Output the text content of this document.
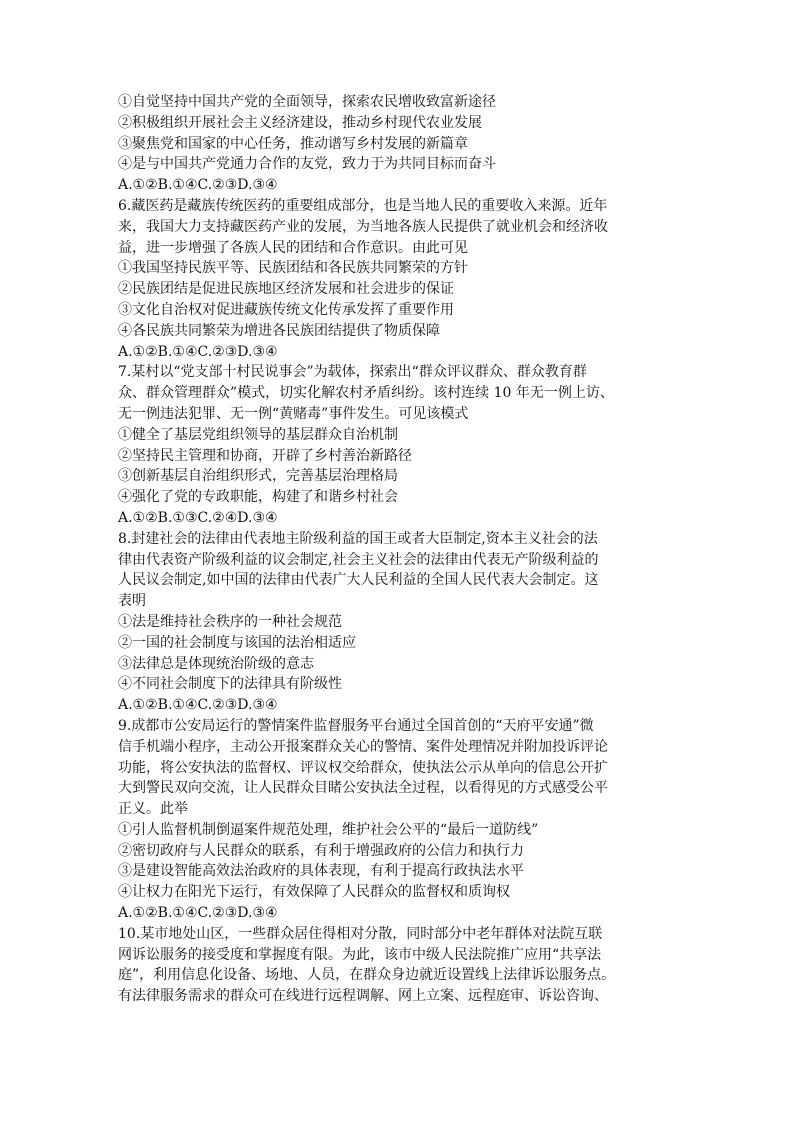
①自觉坚持中国共产党的全面领导，探索农民增收致富新途径
②积极组织开展社会主义经济建设，推动乡村现代农业发展
③聚焦党和国家的中心任务，推动谱写乡村发展的新篇章
④是与中国共产党通力合作的友党，致力于为共同目标而奋斗
A.①②B.①④C.②③D.③④
6.藏医药是藏族传统医药的重要组成部分，也是当地人民的重要收入来源。近年
来，我国大力支持藏医药产业的发展，为当地各族人民提供了就业机会和经济收
益，进一步增强了各族人民的团结和合作意识。由此可见
①我国坚持民族平等、民族团结和各民族共同繁荣的方针
②民族团结是促进民族地区经济发展和社会进步的保证
③文化自治权对促进藏族传统文化传承发挥了重要作用
④各民族共同繁荣为增进各民族团结提供了物质保障
A.①②B.①④C.②③D.③④
7.某村以“党支部十村民说事会”为载体，探索出“群众评议群众、群众教育群
众、群众管理群众”模式，切实化解农村矛盾纠纷。该村连续 10 年无一例上访、
无一例违法犯罪、无一例“黄赌毒”事件发生。可见该模式
①健全了基层党组织领导的基层群众自治机制
②坚持民主管理和协商，开辟了乡村善治新路径
③创新基层自治组织形式，完善基层治理格局
④强化了党的专政职能，构建了和谐乡村社会
A.①②B.①③C.②④D.③④
8.封建社会的法律由代表地主阶级利益的国王或者大臣制定,资本主义社会的法
律由代表资产阶级利益的议会制定,社会主义社会的法律由代表无产阶级利益的
人民议会制定,如中国的法律由代表广大人民利益的全国人民代表大会制定。这
表明
①法是维持社会秩序的一种社会规范
②一国的社会制度与该国的法治相适应
③法律总是体现统治阶级的意志
④不同社会制度下的法律具有阶级性
A.①②B.①④C.②③D.③④
9.成都市公安局运行的警情案件监督服务平台通过全国首创的“天府平安通”微
信手机端小程序，主动公开报案群众关心的警情、案件处理情况并附加投诉评论
功能，将公安执法的监督权、评议权交给群众，使执法公示从单向的信息公开扩
大到警民双向交流，让人民群众目睹公安执法全过程，以看得见的方式感受公平
正义。此举
①引人监督机制倒逼案件规范处理，维护社会公平的“最后一道防线”
②密切政府与人民群众的联系，有利于增强政府的公信力和执行力
③是建设智能高效法治政府的具体表现，有利于提高行政执法水平
④让权力在阳光下运行，有效保障了人民群众的监督权和质询权
A.①②B.①④C.②③D.③④
10.某市地处山区，一些群众居住得相对分散，同时部分中老年群体对法院互联
网诉讼服务的接受度和掌握度有限。为此，该市中级人民法院推广应用“共享法
庭”，利用信息化设备、场地、人员，在群众身边就近设置线上法律诉讼服务点。
有法律服务需求的群众可在线进行远程调解、网上立案、远程庭审、诉讼咨询、
